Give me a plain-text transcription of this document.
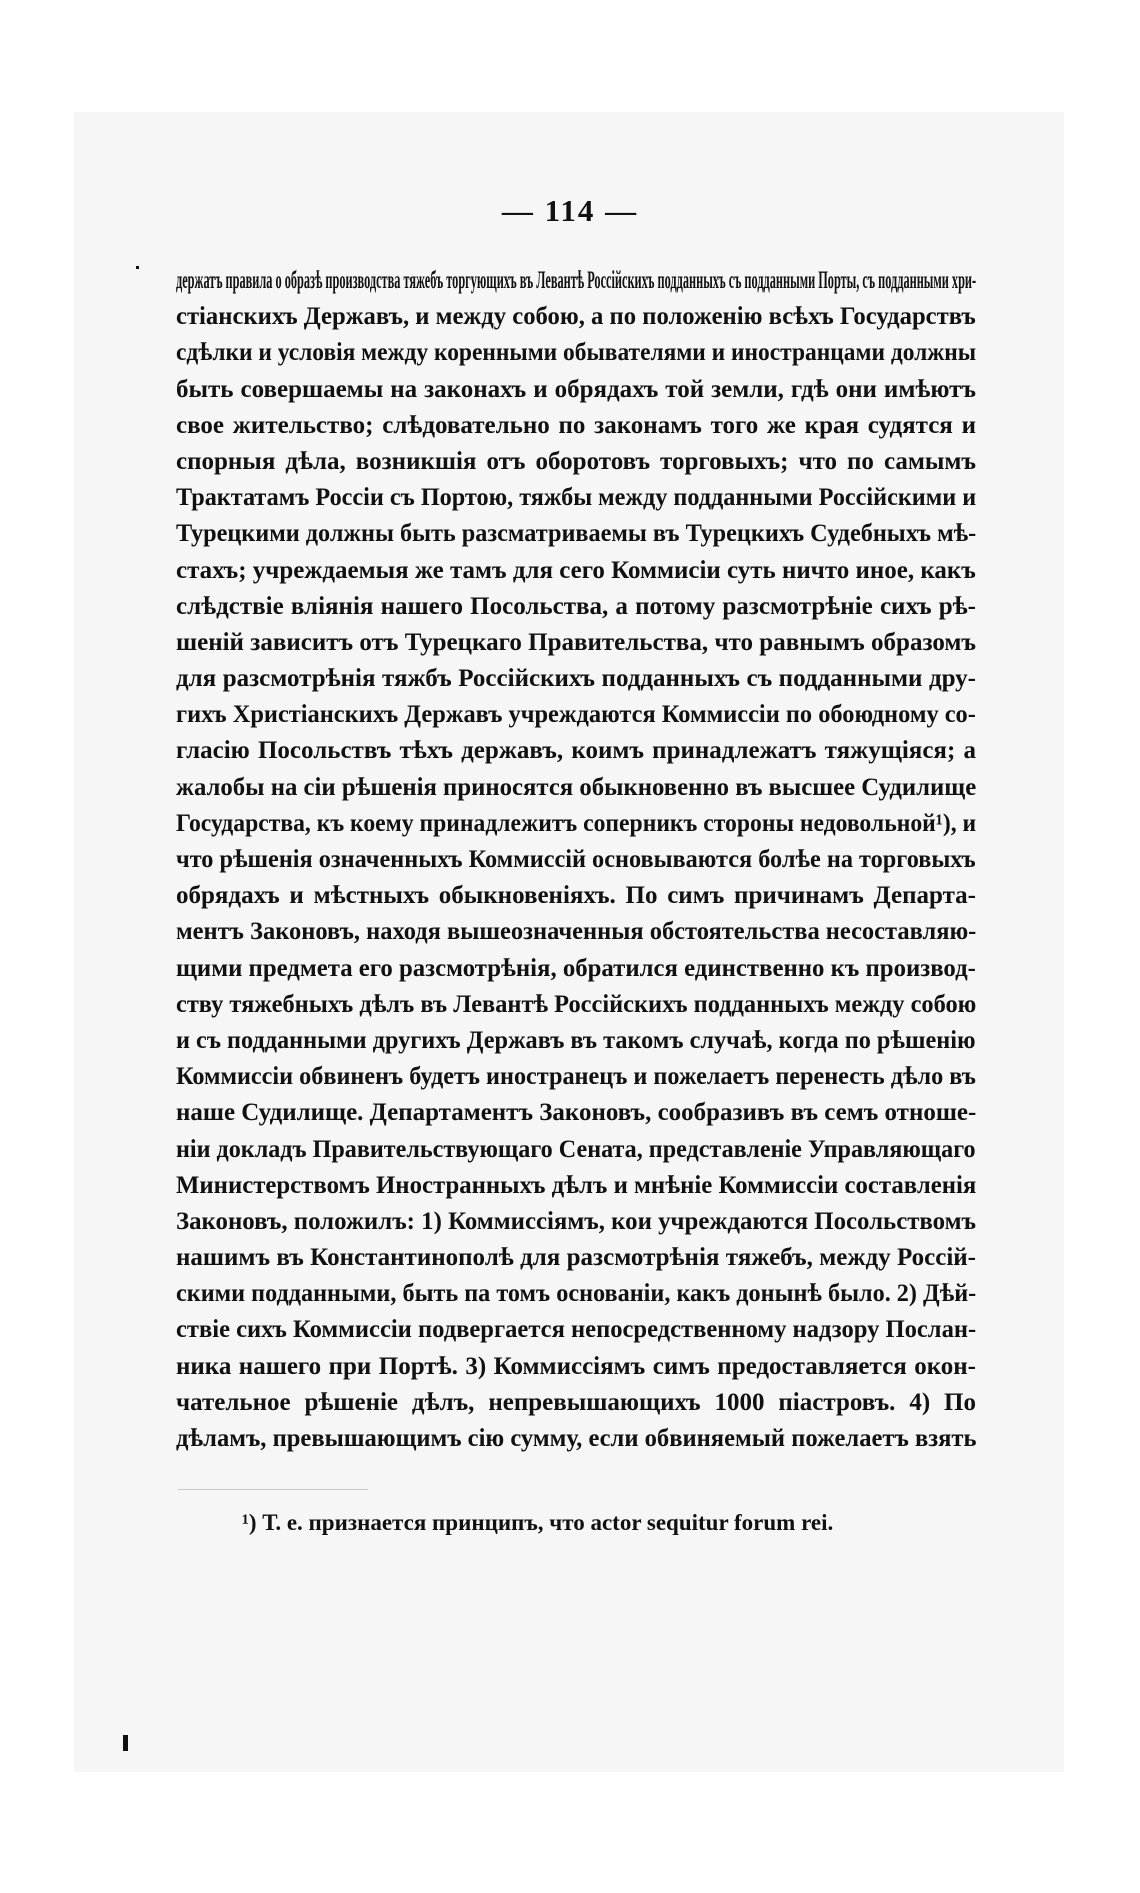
— 114 —
держатъ правила о образѣ производства тяжебъ торгующихъ въ Левантѣ Россійскихъ подданныхъ съ подданными Порты, съ подданными хри-
стіанскихъ Державъ, и между собою, а по положенію всѣхъ Государствъ
сдѣлки и условія между коренными обывателями и иностранцами должны
быть совершаемы на законахъ и обрядахъ той земли, гдѣ они имѣютъ
свое жительство; слѣдовательно по законамъ того же края судятся и
спорныя дѣла, возникшія отъ оборотовъ торговыхъ; что по самымъ
Трактатамъ Россіи съ Портою, тяжбы между подданными Россійскими и
Турецкими должны быть разсматриваемы въ Турецкихъ Судебныхъ мѣ-
стахъ; учреждаемыя же тамъ для сего Коммисіи суть ничто иное, какъ
слѣдствіе вліянія нашего Посольства, а потому разсмотрѣніе сихъ рѣ-
шеній зависитъ отъ Турецкаго Правительства, что равнымъ образомъ
для разсмотрѣнія тяжбъ Россійскихъ подданныхъ съ подданными дру-
гихъ Христіанскихъ Державъ учреждаются Коммиссіи по обоюдному со-
гласію Посольствъ тѣхъ державъ, коимъ принадлежатъ тяжущіяся; а
жалобы на сіи рѣшенія приносятся обыкновенно въ высшее Судилище
Государства, къ коему принадлежитъ соперникъ стороны недовольной¹), и
что рѣшенія означенныхъ Коммиссій основываются болѣе на торговыхъ
обрядахъ и мѣстныхъ обыкновеніяхъ. По симъ причинамъ Департа-
ментъ Законовъ, находя вышеозначенныя обстоятельства несоставляю-
щими предмета его разсмотрѣнія, обратился единственно къ производ-
ству тяжебныхъ дѣлъ въ Левантѣ Россійскихъ подданныхъ между собою
и съ подданными другихъ Державъ въ такомъ случаѣ, когда по рѣшенію
Коммиссіи обвиненъ будетъ иностранецъ и пожелаетъ перенесть дѣло въ
наше Судилище. Департаментъ Законовъ, сообразивъ въ семъ отноше-
ніи докладъ Правительствующаго Сената, представленіе Управляющаго
Министерствомъ Иностранныхъ дѣлъ и мнѣніе Коммиссіи составленія
Законовъ, положилъ: 1) Коммиссіямъ, кои учреждаются Посольствомъ
нашимъ въ Константинополѣ для разсмотрѣнія тяжебъ, между Россій-
скими подданными, быть па томъ основаніи, какъ донынѣ было. 2) Дѣй-
ствіе сихъ Коммиссіи подвергается непосредственному надзору Послан-
ника нашего при Портѣ. 3) Коммиссіямъ симъ предоставляется окон-
чательное рѣшеніе дѣлъ, непревышающихъ 1000 піастровъ. 4) По
дѣламъ, превышающимъ сію сумму, если обвиняемый пожелаетъ взять
¹) Т. е. признается принципъ, что actor sequitur forum rei.
